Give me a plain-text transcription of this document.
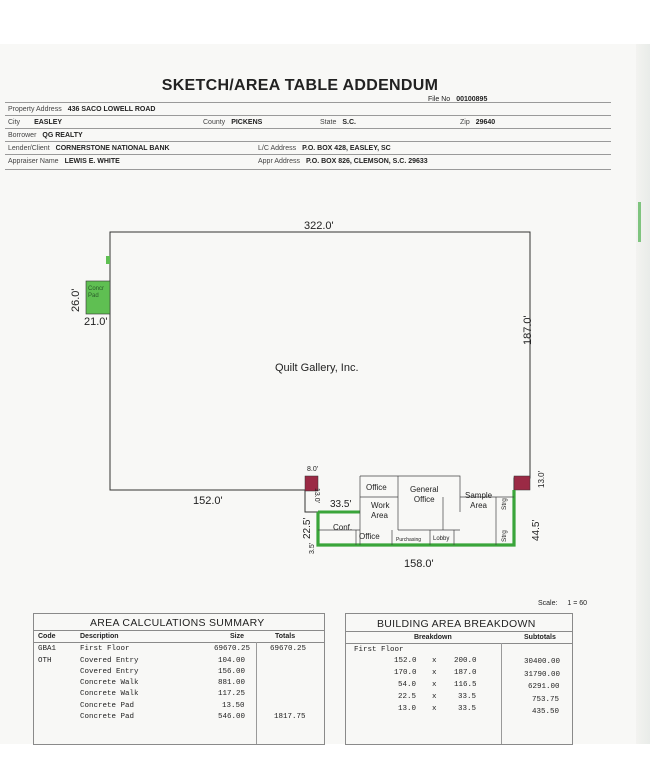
SKETCH/AREA TABLE ADDENDUM
File No 00100895
Property Address 436 SACO LOWELL ROAD
City EASLEY	County PICKENS	State S.C.	Zip 29640
Borrower QG REALTY
Lender/Client CORNERSTONE NATIONAL BANK	L/C Address P.O. BOX 428, EASLEY, SC
Appraiser Name LEWIS E. WHITE	Appr Address P.O. BOX 826, CLEMSON, S.C. 29633
322.0'
187.0'
Quilt Gallery, Inc.
152.0'
158.0'
26.0'
21.0'
Concr
Pad
8.0'
13.0'
13.0'
33.5'
22.5'
3.5'
44.5'
Office	General
Office
Work
Area
Sample
Area
Conf.
Office	Purchasing Lobby
Strg
Strg
Scale: 1 = 60
AREA CALCULATIONS SUMMARY
Code	Description	Size	Totals
GBA1	First Floor	69670.25	69670.25
OTH	Covered Entry	104.00
Covered Entry	156.00
Concrete Walk	881.00
Concrete Walk	117.25
Concrete Pad	13.50
Concrete Pad	546.00	1817.75
BUILDING AREA BREAKDOWN
Breakdown	Subtotals
First Floor
152.0 x 200.0	30400.00
170.0 x 187.0	31790.00
54.0 x 116.5	6291.00
22.5 x	33.5	753.75
13.0 x	33.5	435.50
